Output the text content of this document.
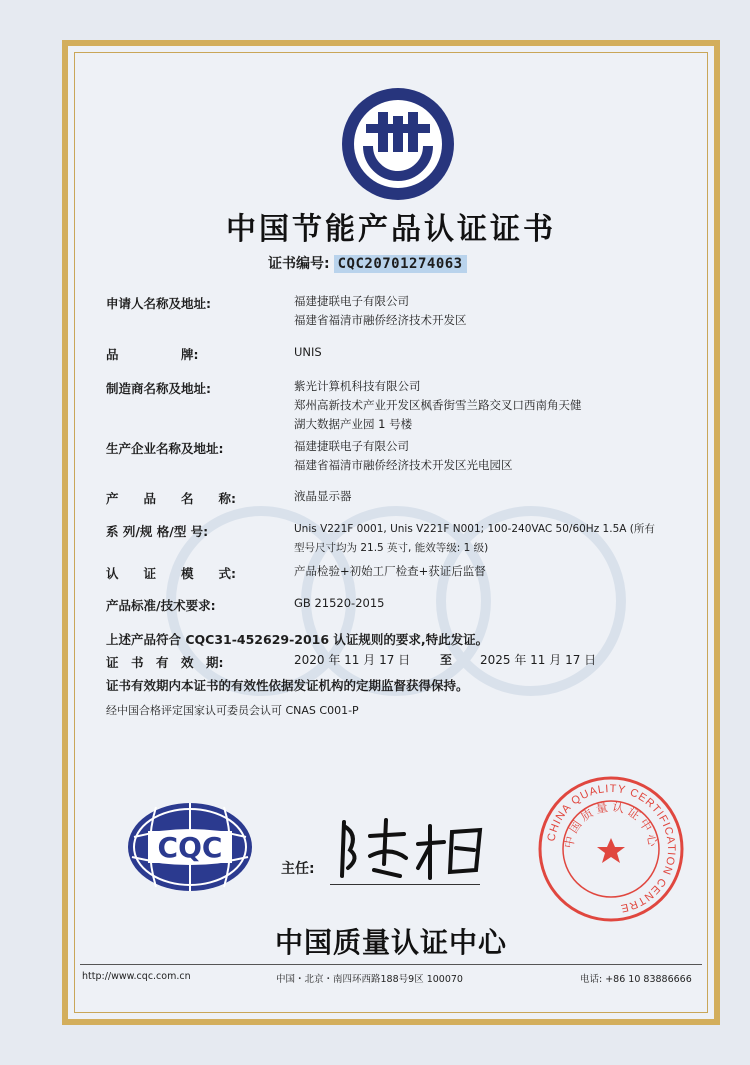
中国节能产品认证证书
证书编号: CQC20701274063
申请人名称及地址:	福建捷联电子有限公司
福建省福清市融侨经济技术开发区
品　　　　　牌:	UNIS
制造商名称及地址:	紫光计算机科技有限公司
郑州高新技术产业开发区枫香街雪兰路交叉口西南角天健
湖大数据产业园 1 号楼
生产企业名称及地址:	福建捷联电子有限公司
福建省福清市融侨经济技术开发区光电园区
产　　品　　名　　称:	液晶显示器
系 列/规 格/型 号:	Unis V221F 0001, Unis V221F N001; 100-240VAC 50/60Hz 1.5A (所有
型号尺寸均为 21.5 英寸, 能效等级: 1 级)
认　　证　　模　　式:	产品检验+初始工厂检查+获证后监督
产品标准/技术要求:	GB 21520-2015
上述产品符合 CQC31-452629-2016 认证规则的要求,特此发证。
证　书　有　效　期:	2020 年 11 月 17 日 至 2025 年 11 月 17 日
证书有效期内本证书的有效性依据发证机构的定期监督获得保持。
经中国合格评定国家认可委员会认可 CNAS C001-P
CQC
主任:
CHINA QUALITY CERTIFICATION CENTRE
中国质量认证中心
中国质量认证中心
http://www.cqc.com.cn	中国・北京・南四环西路188号9区 100070	电话: +86 10 83886666
